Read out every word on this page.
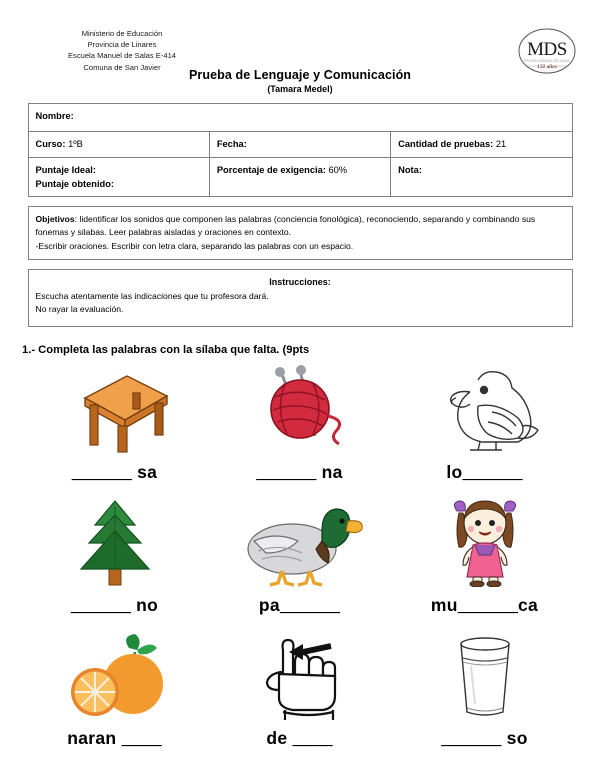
Ministerio de Educación
Provincia de Linares
Escuela Manuel de Salas E-414
Comuna de San Javier
MDS
ESCUELA MANUEL DE SALAS
150 años
Prueba de Lenguaje y Comunicación
(Tamara Medel)
Nombre:		
Curso: 1ºB	Fecha:	Cantidad de pruebas: 21

Puntaje Ideal:
Puntaje obtenido:	Porcentaje de exigencia: 60%	Nota:
Objetivos: lidentificar los sonidos que componen las palabras (conciencia fonológica), reconociendo, separando y combinando sus fonemas y silabas. Leer palabras aisladas y oraciones en contexto.
-Escribir oraciones. Escribir con letra clara, separando las palabras con un espacio.
Instrucciones:
Escucha atentamente las indicaciones que tu profesora dará.
No rayar la evaluación.
1.- Completa las palabras con la sílaba que falta. (9pts
______ sa	______ na	lo______
______ no	pa______	mu______ca
naran ____	de ____	______ so
